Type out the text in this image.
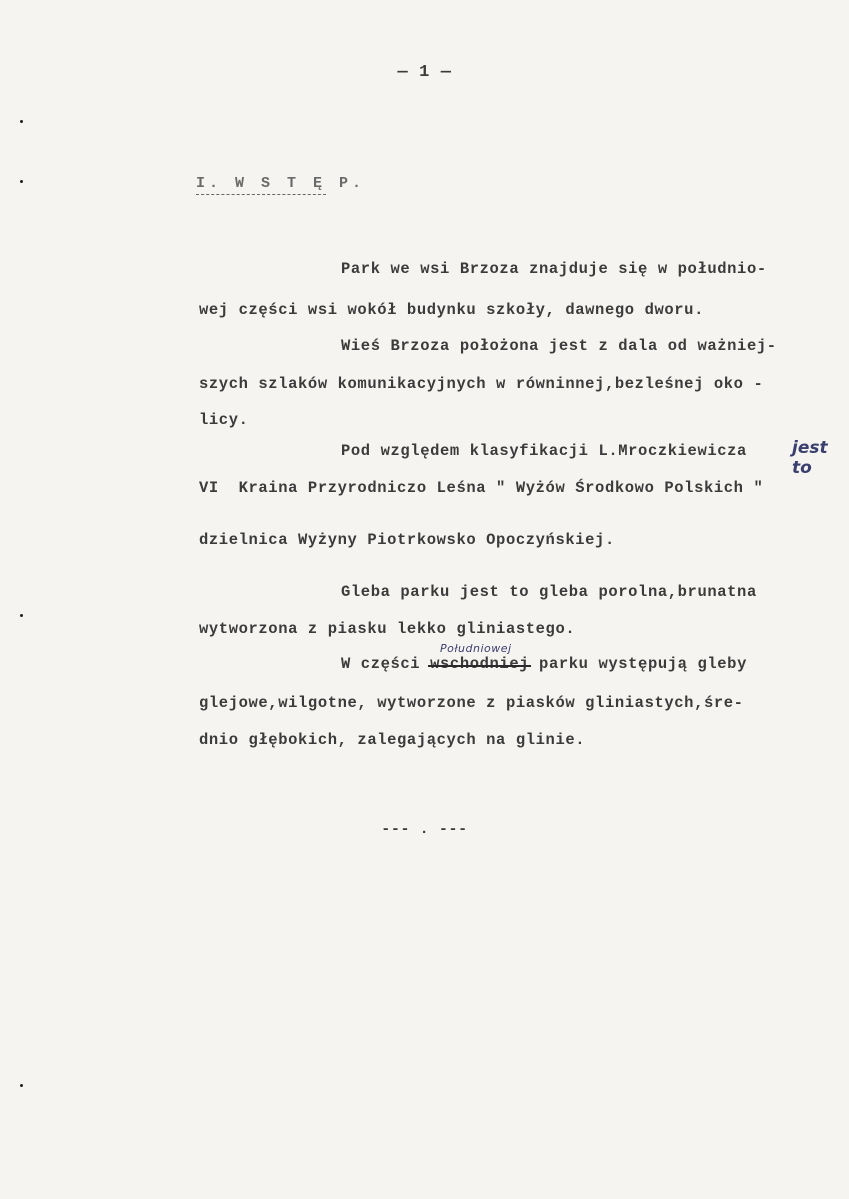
— 1 —
I. W S T Ę P.
Park we wsi Brzoza znajduje się w południo-
wej części wsi wokół budynku szkoły, dawnego dworu.
Wieś Brzoza położona jest z dala od ważniej-
szych szlaków komunikacyjnych w równinnej,bezleśnej oko -
licy.
Pod względem klasyfikacji L.Mroczkiewicza
VI  Kraina Przyrodniczo Leśna " Wyżów Środkowo Polskich "
dzielnica Wyżyny Piotrkowsko Opoczyńskiej.
Gleba parku jest to gleba porolna,brunatna
wytworzona z piasku lekko gliniastego.
W części wschodniej parku występują gleby
glejowe,wilgotne, wytworzone z piasków gliniastych,śre-
dnio głębokich, zalegających na glinie.
Południowej
jest to
--- . ---
